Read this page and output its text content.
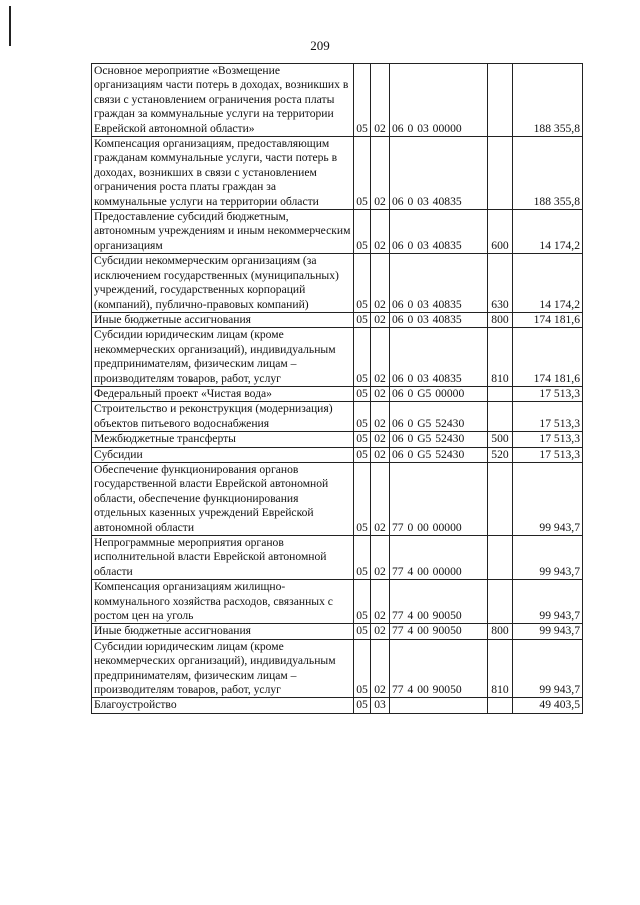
209
Основное мероприятие «Возмещение организациям части потерь в доходах, возникших в связи с установлением ограничения роста платы граждан за коммунальные услуги на территории Еврейской автономной области»	05	02	06 0 03 00000		188 355,8
Компенсация организациям, предоставляющим гражданам коммунальные услуги, части потерь в доходах, возникших в связи с установлением ограничения роста платы граждан за коммунальные услуги на территории области	05	02	06 0 03 40835		188 355,8
Предоставление субсидий бюджетным, автономным учреждениям и иным некоммерческим организациям	05	02	06 0 03 40835	600	14 174,2
Субсидии некоммерческим организациям (за исключением государственных (муниципальных) учреждений, государственных корпораций (компаний), публично-правовых компаний)	05	02	06 0 03 40835	630	14 174,2
Иные бюджетные ассигнования	05	02	06 0 03 40835	800	174 181,6
Субсидии юридическим лицам (кроме некоммерческих организаций), индивидуальным предпринимателям, физическим лицам – производителям товаров, работ, услуг	05	02	06 0 03 40835	810	174 181,6
Федеральный проект «Чистая вода»	05	02	06 0 G5 00000		17 513,3
Строительство и реконструкция (модернизация) объектов питьевого водоснабжения	05	02	06 0 G5 52430		17 513,3
Межбюджетные трансферты	05	02	06 0 G5 52430	500	17 513,3
Субсидии	05	02	06 0 G5 52430	520	17 513,3
Обеспечение функционирования органов государственной власти Еврейской автономной области, обеспечение функционирования отдельных казенных учреждений Еврейской автономной области	05	02	77 0 00 00000		99 943,7
Непрограммные мероприятия органов исполнительной власти Еврейской автономной области	05	02	77 4 00 00000		99 943,7
Компенсация организациям жилищно-коммунального хозяйства расходов, связанных с ростом цен на уголь	05	02	77 4 00 90050		99 943,7
Иные бюджетные ассигнования	05	02	77 4 00 90050	800	99 943,7
Субсидии юридическим лицам (кроме некоммерческих организаций), индивидуальным предпринимателям, физическим лицам – производителям товаров, работ, услуг	05	02	77 4 00 90050	810	99 943,7
Благоустройство	05	03			49 403,5
